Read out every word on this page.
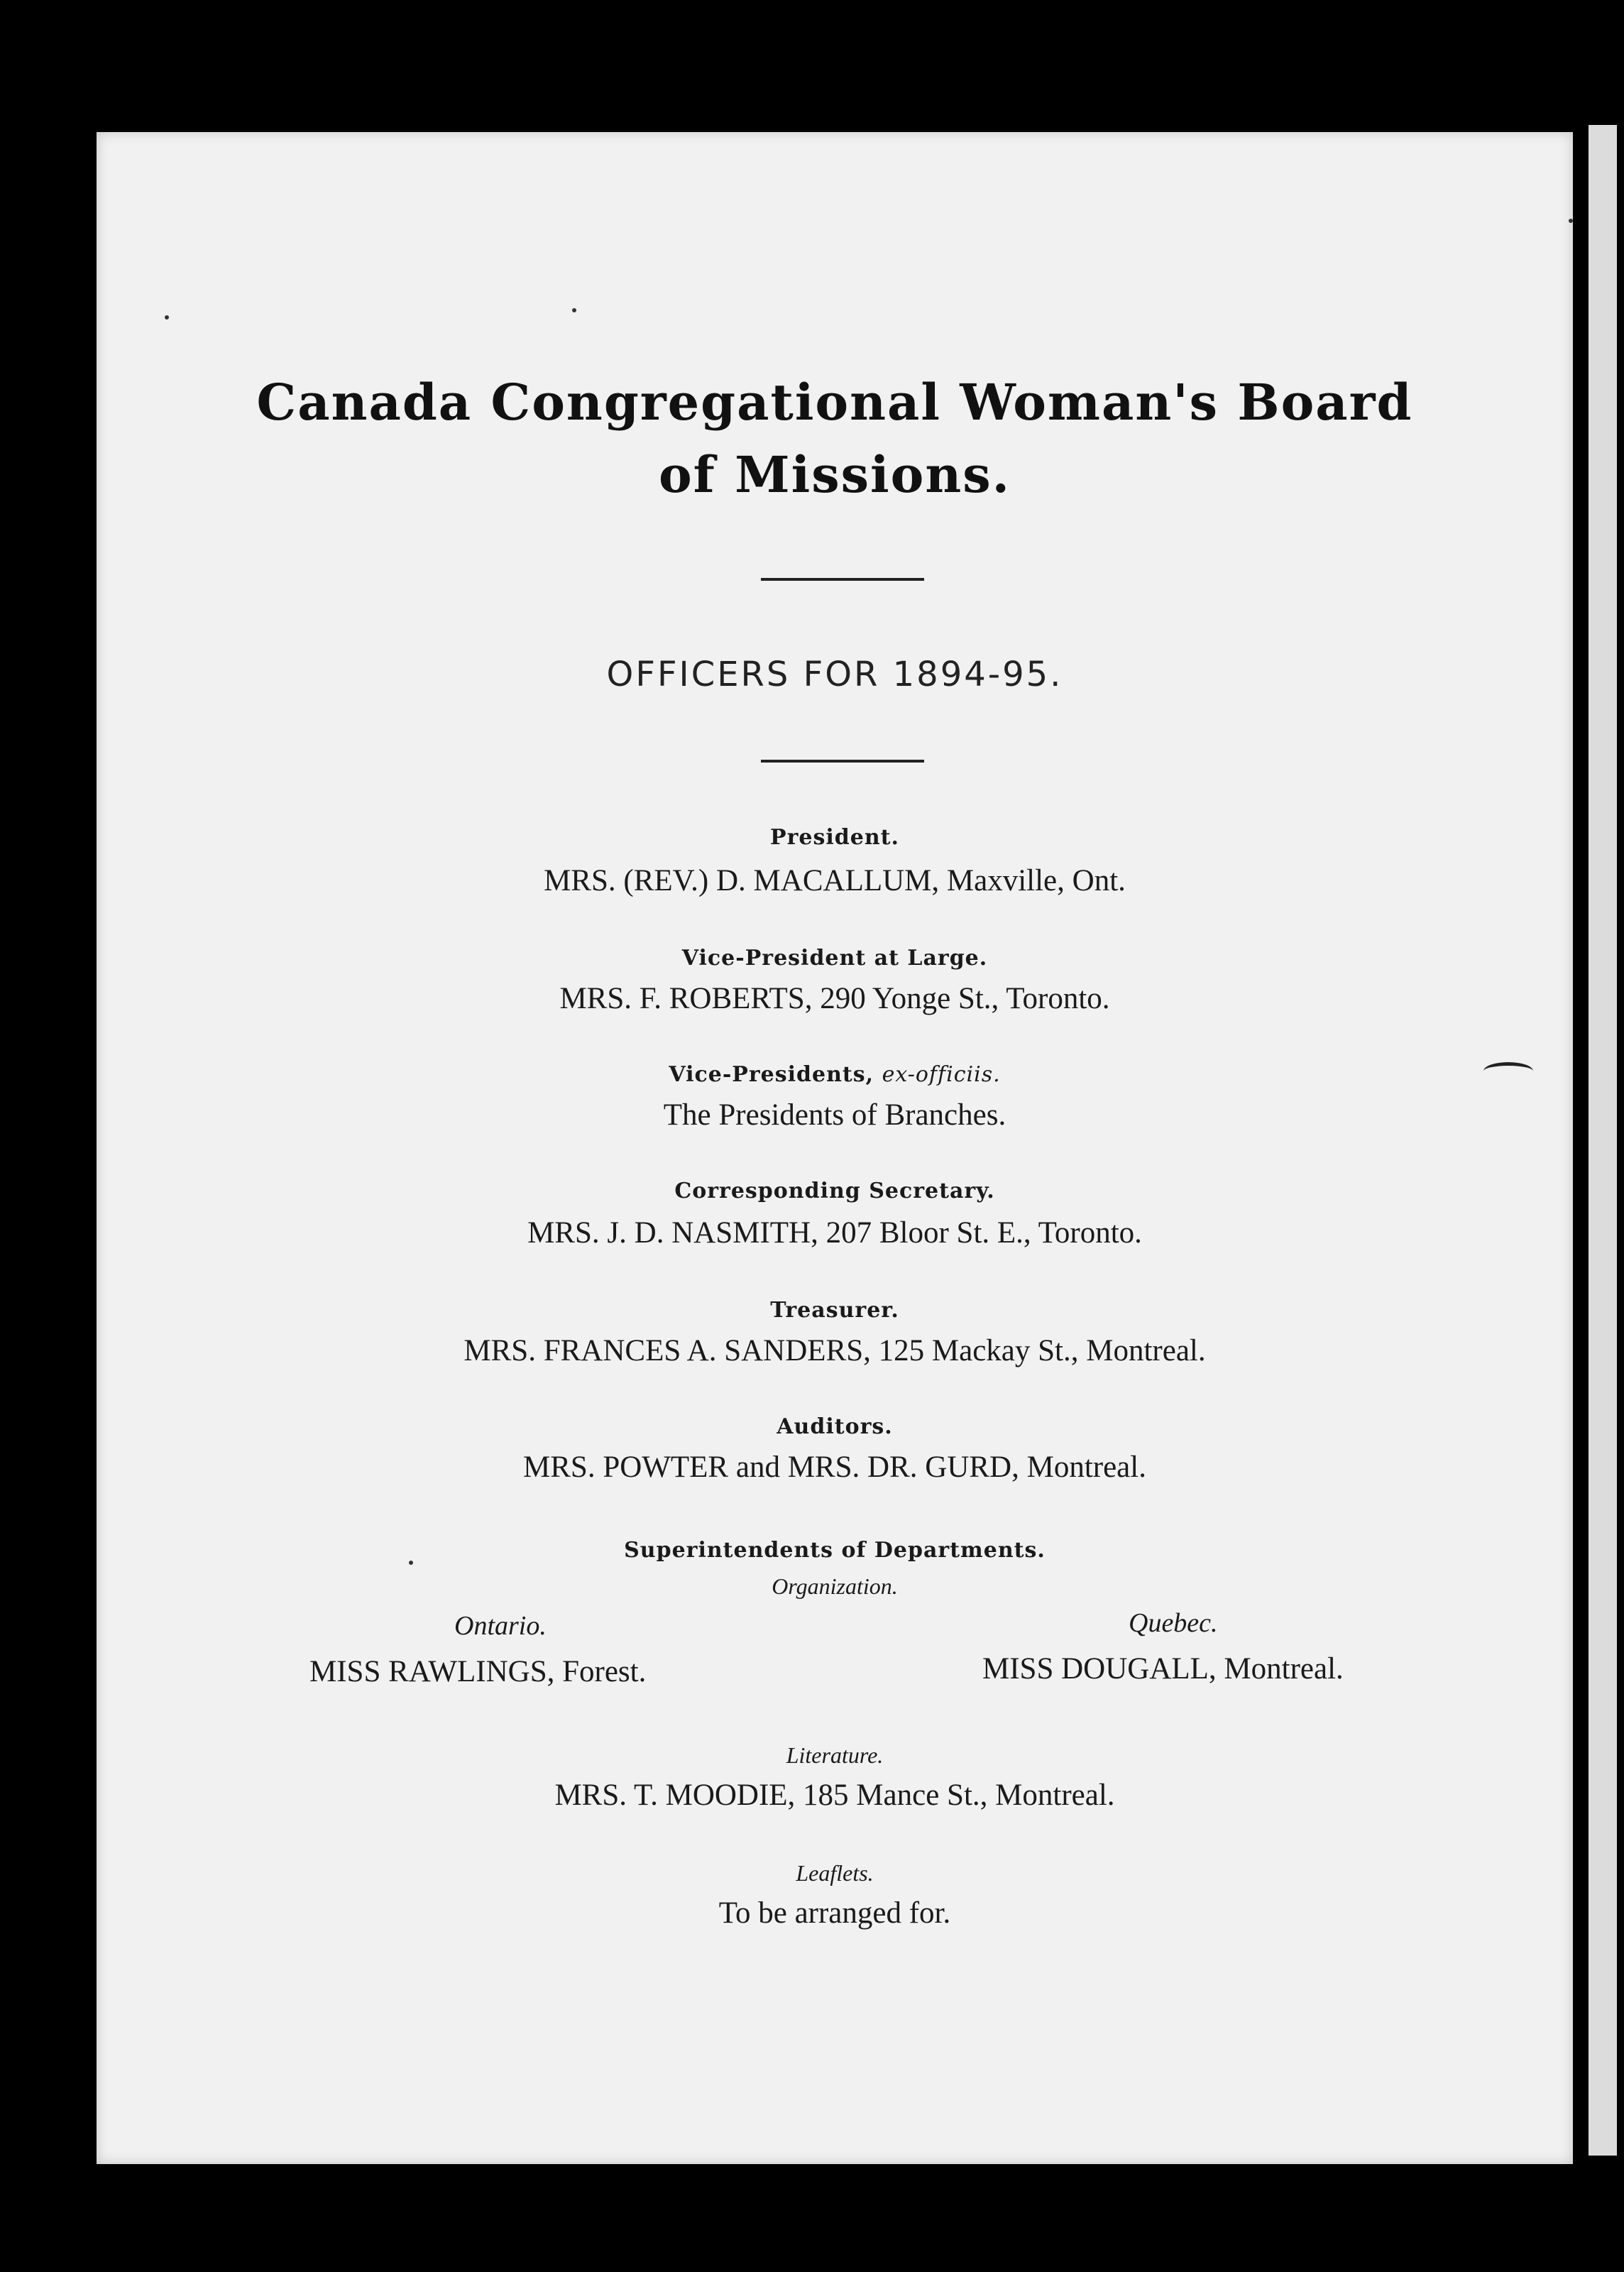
Canada Congregational Woman's Board
of Missions.
OFFICERS FOR 1894-95.
President.
MRS. (REV.) D. MACALLUM, Maxville, Ont.
Vice-President at Large.
MRS. F. ROBERTS, 290 Yonge St., Toronto.
Vice-Presidents, ex-officiis.
The Presidents of Branches.
Corresponding Secretary.
MRS. J. D. NASMITH, 207 Bloor St. E., Toronto.
Treasurer.
MRS. FRANCES A. SANDERS, 125 Mackay St., Montreal.
Auditors.
MRS. POWTER and MRS. DR. GURD, Montreal.
Superintendents of Departments.
Organization.
Ontario.
MISS RAWLINGS, Forest.
Quebec.
MISS DOUGALL, Montreal.
Literature.
MRS. T. MOODIE, 185 Mance St., Montreal.
Leaflets.
To be arranged for.
